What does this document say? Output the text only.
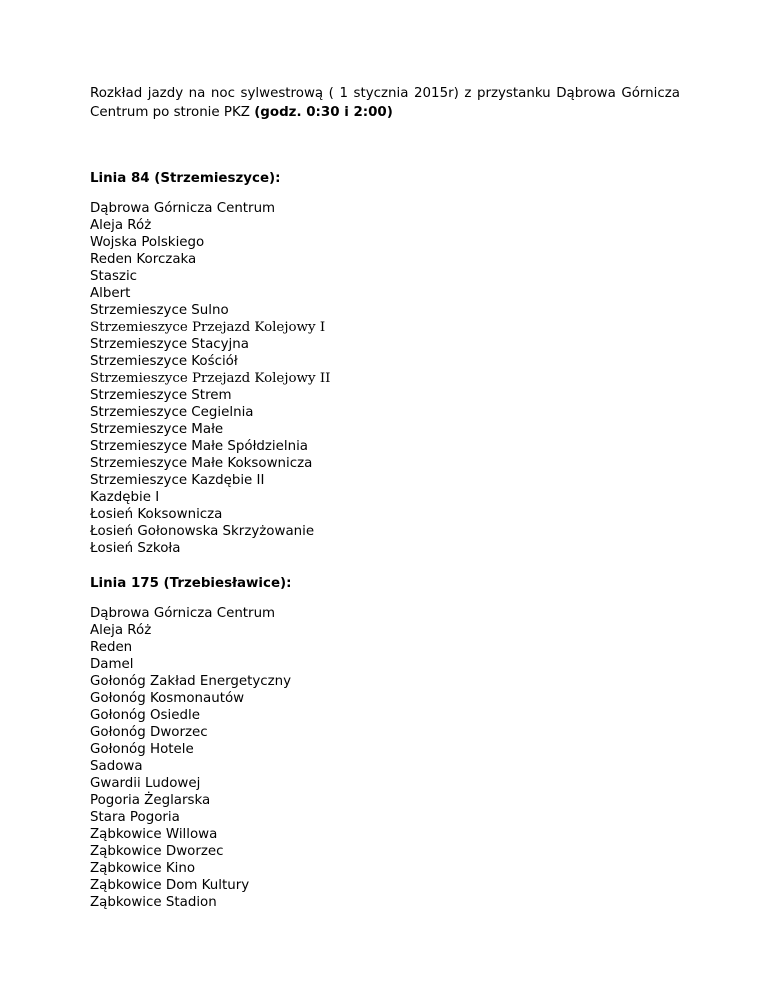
Rozkład jazdy na noc sylwestrową ( 1 stycznia 2015r) z przystanku Dąbrowa Górnicza Centrum po stronie PKZ (godz. 0:30 i 2:00)

Linia 84 (Strzemieszyce):
Dąbrowa Górnicza Centrum
Aleja Róż
Wojska Polskiego
Reden Korczaka
Staszic
Albert
Strzemieszyce Sulno
Strzemieszyce Przejazd Kolejowy I
Strzemieszyce Stacyjna
Strzemieszyce Kościół
Strzemieszyce Przejazd Kolejowy II
Strzemieszyce Strem
Strzemieszyce Cegielnia
Strzemieszyce Małe
Strzemieszyce Małe Spółdzielnia
Strzemieszyce Małe Koksownicza
Strzemieszyce Kazdębie II
Kazdębie I
Łosień Koksownicza
Łosień Gołonowska Skrzyżowanie
Łosień Szkoła
Linia 175 (Trzebiesławice):
Dąbrowa Górnicza Centrum
Aleja Róż
Reden
Damel
Gołonóg Zakład Energetyczny
Gołonóg Kosmonautów
Gołonóg Osiedle
Gołonóg Dworzec
Gołonóg Hotele
Sadowa
Gwardii Ludowej
Pogoria Żeglarska
Stara Pogoria
Ząbkowice Willowa
Ząbkowice Dworzec
Ząbkowice Kino
Ząbkowice Dom Kultury
Ząbkowice Stadion
